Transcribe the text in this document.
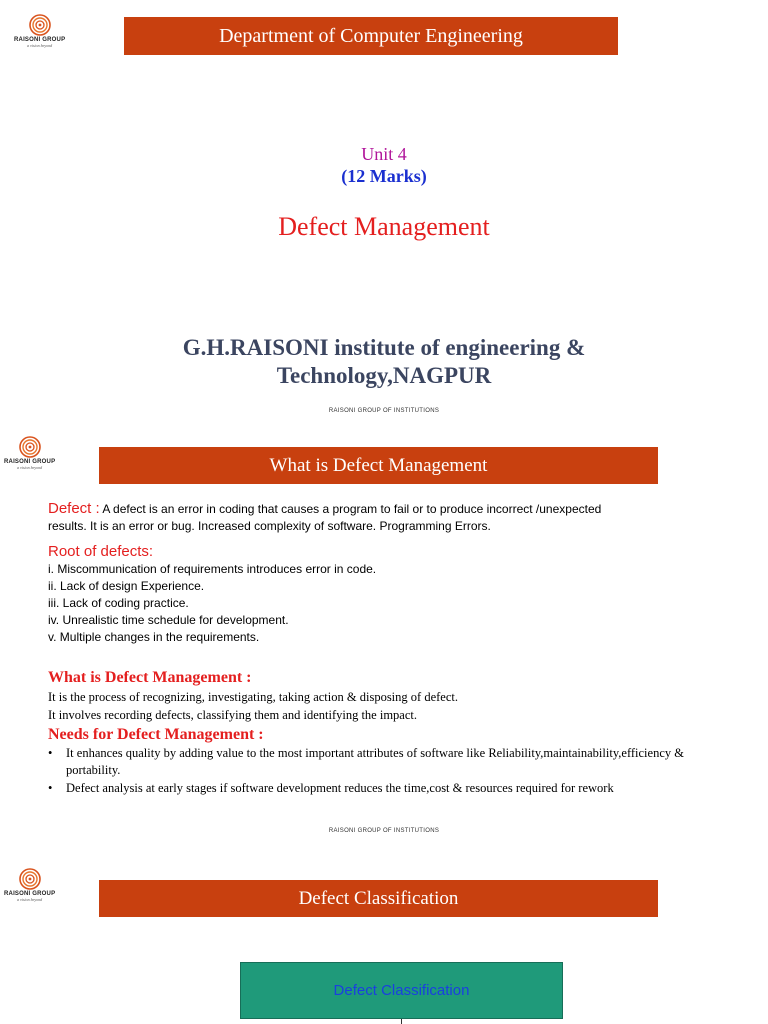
RAISONI GROUP
a vision beyond	Department of Computer Engineering
Unit 4
(12 Marks)
Defect Management
G.H.RAISONI institute of engineering &
Technology,NAGPUR
RAISONI GROUP OF INSTITUTIONS
RAISONI GROUP
a vision beyond	What is Defect Management
Defect : A defect is an error in coding that causes a program to fail or to produce incorrect /unexpected
results. It is an error or bug. Increased complexity of software. Programming Errors.
Root of defects:
i. Miscommunication of requirements introduces error in code.
ii. Lack of design Experience.
iii. Lack of coding practice.
iv. Unrealistic time schedule for development.
v. Multiple changes in the requirements.
What is Defect Management :
It is the process of recognizing, investigating, taking action & disposing of defect.
It involves recording defects, classifying them and identifying the impact.
Needs for Defect Management :
• It enhances quality by adding value to the most important attributes of software like Reliability,maintainability,efficiency & portability.
• Defect analysis at early stages if software development reduces the time,cost & resources required for rework
RAISONI GROUP OF INSTITUTIONS
RAISONI GROUP
a vision beyond	Defect Classification
Defect Classification
